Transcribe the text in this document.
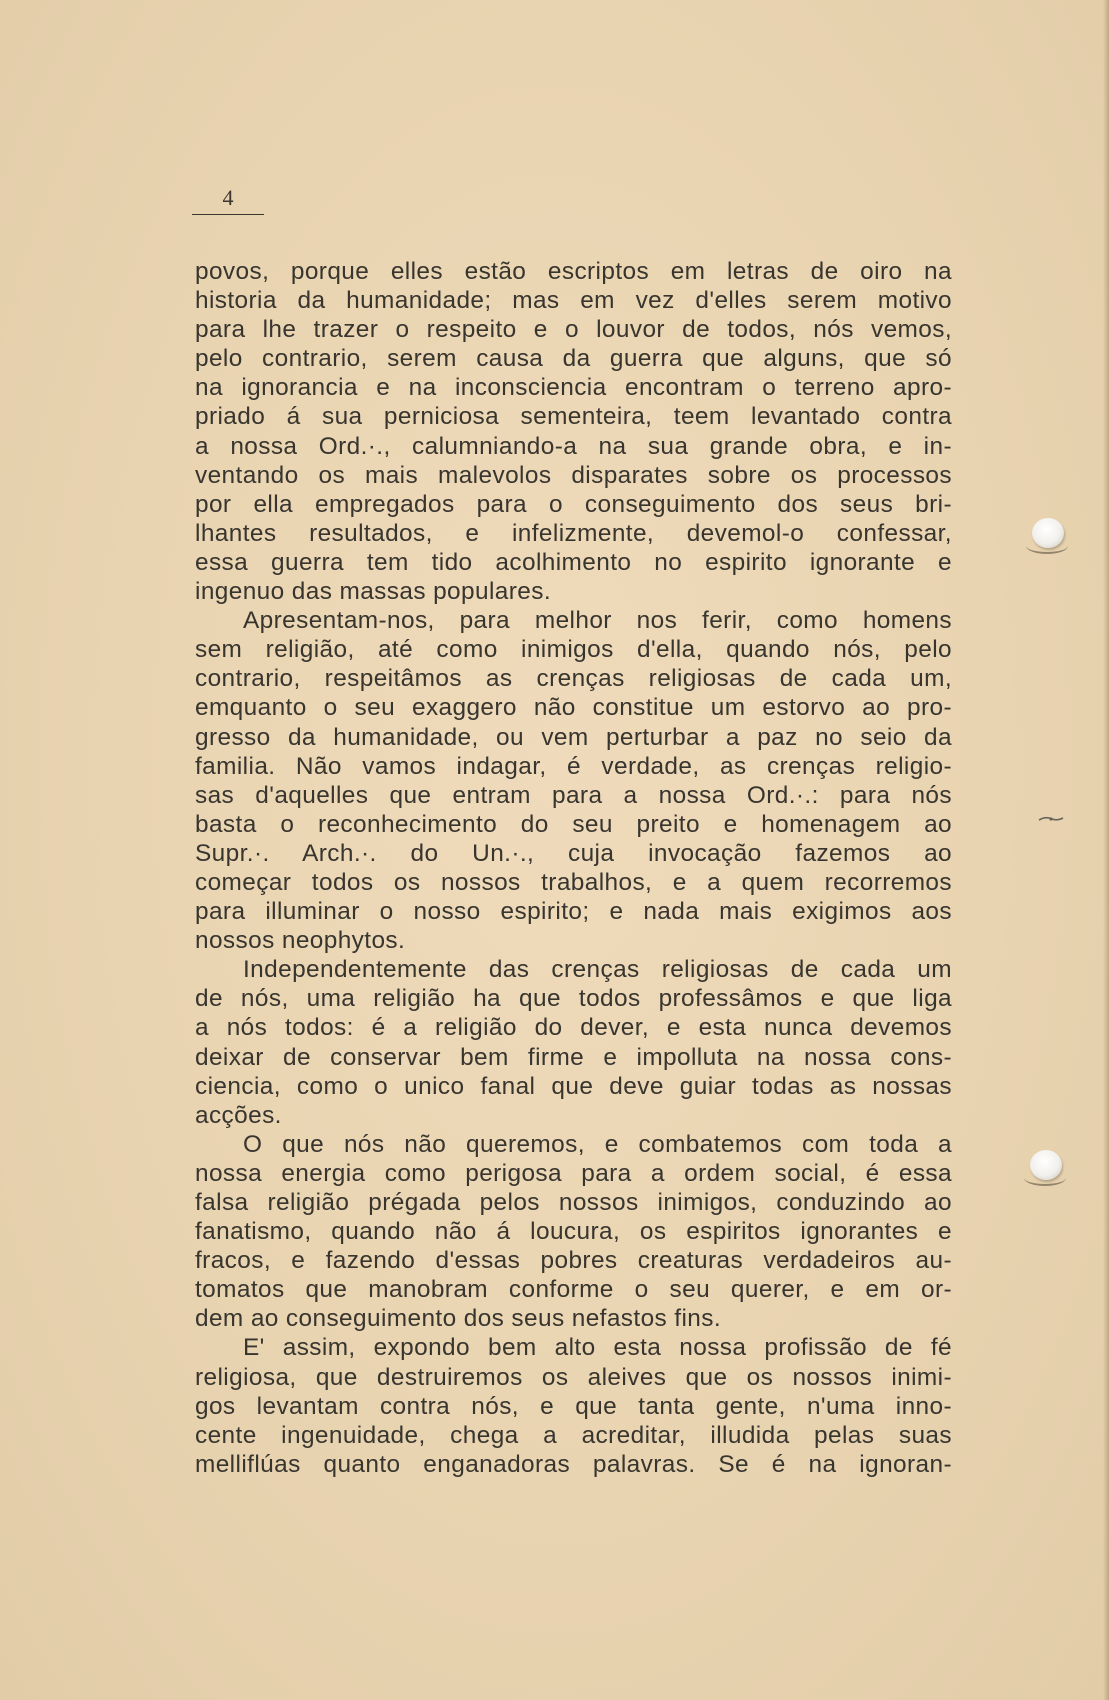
4
povos, porque elles estão escriptos em letras de oiro na
historia da humanidade; mas em vez d'elles serem motivo
para lhe trazer o respeito e o louvor de todos, nós vemos,
pelo contrario, serem causa da guerra que alguns, que só
na ignorancia e na inconsciencia encontram o terreno apro-
priado á sua perniciosa sementeira, teem levantado contra
a nossa Ord.·., calumniando-a na sua grande obra, e in-
ventando os mais malevolos disparates sobre os processos
por ella empregados para o conseguimento dos seus bri-
lhantes resultados, e infelizmente, devemol-o confessar,
essa guerra tem tido acolhimento no espirito ignorante e
ingenuo das massas populares.
Apresentam-nos, para melhor nos ferir, como homens
sem religião, até como inimigos d'ella, quando nós, pelo
contrario, respeitâmos as crenças religiosas de cada um,
emquanto o seu exaggero não constitue um estorvo ao pro-
gresso da humanidade, ou vem perturbar a paz no seio da
familia. Não vamos indagar, é verdade, as crenças religio-
sas d'aquelles que entram para a nossa Ord.·.: para nós
basta o reconhecimento do seu preito e homenagem ao
Supr.·. Arch.·. do Un.·., cuja invocação fazemos ao
começar todos os nossos trabalhos, e a quem recorremos
para illuminar o nosso espirito; e nada mais exigimos aos
nossos neophytos.
Independentemente das crenças religiosas de cada um
de nós, uma religião ha que todos professâmos e que liga
a nós todos: é a religião do dever, e esta nunca devemos
deixar de conservar bem firme e impolluta na nossa cons-
ciencia, como o unico fanal que deve guiar todas as nossas
acções.
O que nós não queremos, e combatemos com toda a
nossa energia como perigosa para a ordem social, é essa
falsa religião prégada pelos nossos inimigos, conduzindo ao
fanatismo, quando não á loucura, os espiritos ignorantes e
fracos, e fazendo d'essas pobres creaturas verdadeiros au-
tomatos que manobram conforme o seu querer, e em or-
dem ao conseguimento dos seus nefastos fins.
E' assim, expondo bem alto esta nossa profissão de fé
religiosa, que destruiremos os aleives que os nossos inimi-
gos levantam contra nós, e que tanta gente, n'uma inno-
cente ingenuidade, chega a acreditar, illudida pelas suas
melliflúas quanto enganadoras palavras. Se é na ignoran-
